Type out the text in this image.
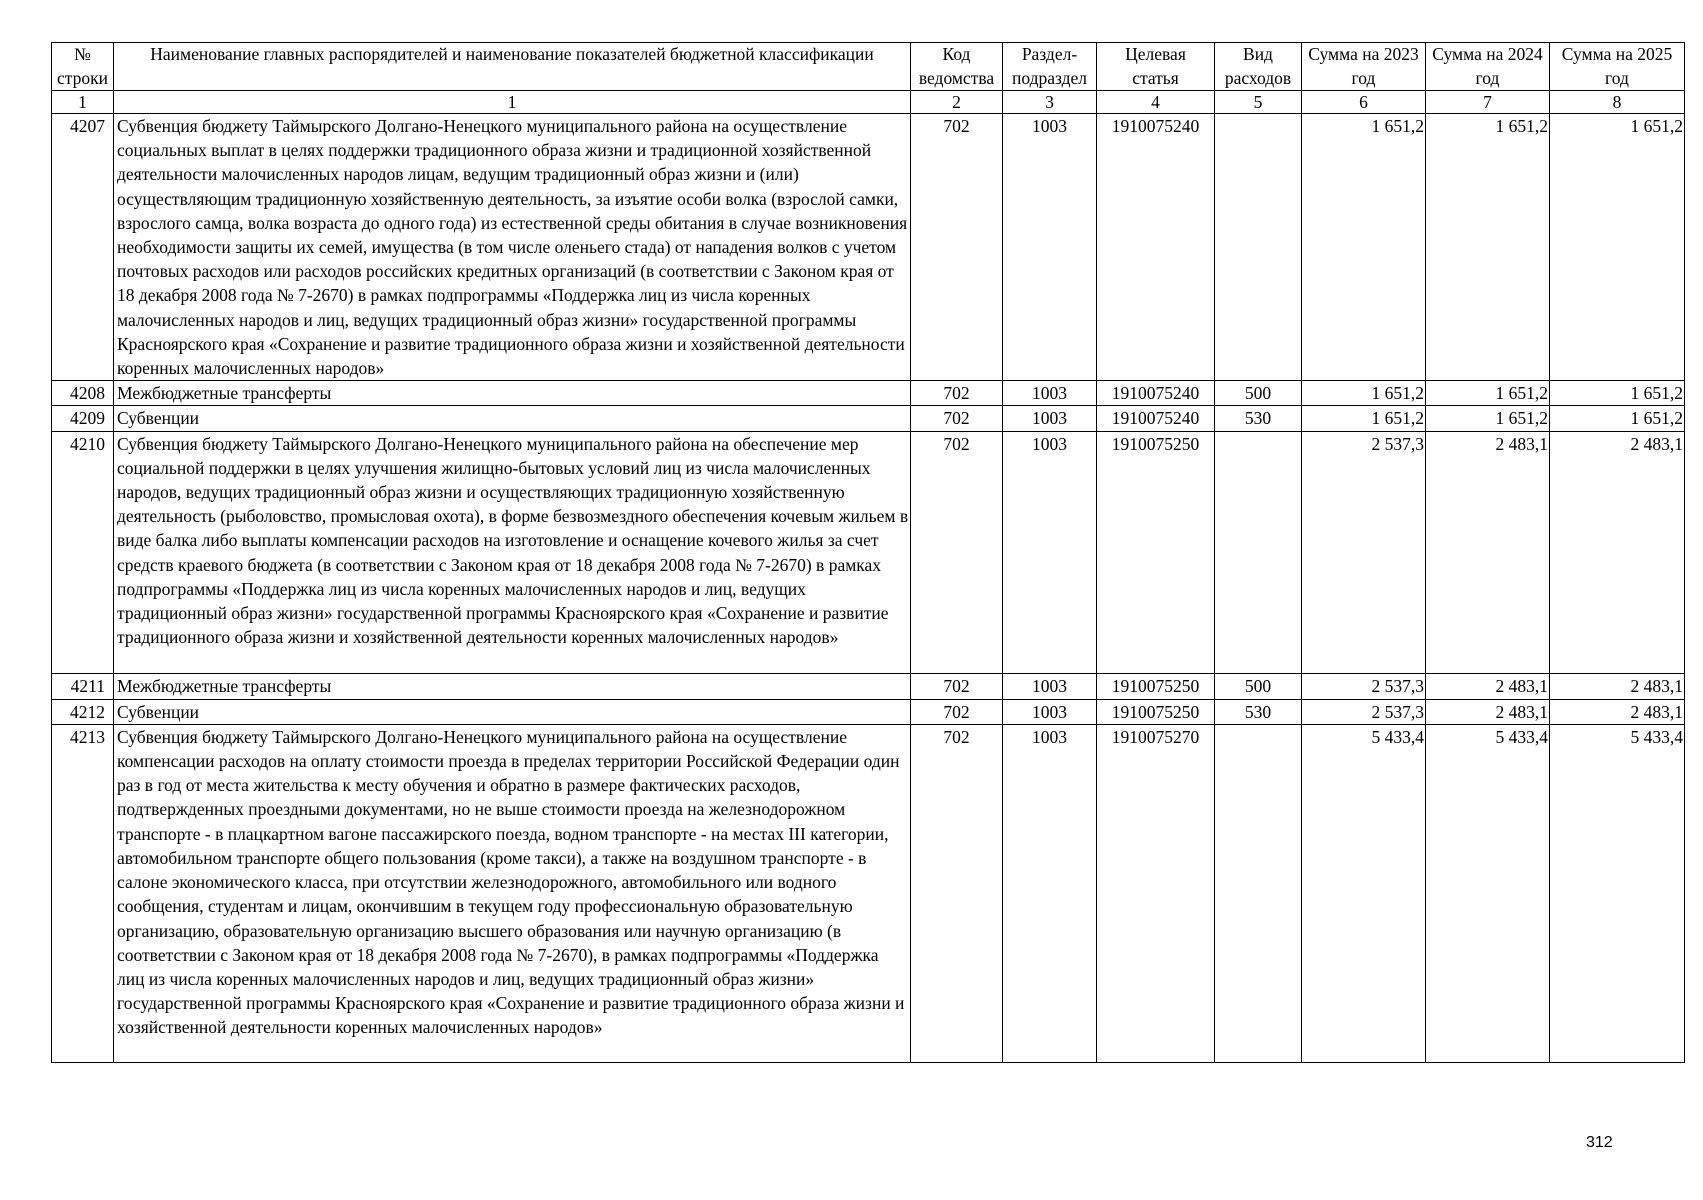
№ строки	Наименование главных распорядителей и наименование показателей бюджетной классификации	Код ведомства	Раздел-подраздел	Целевая статья	Вид расходов	Сумма на 2023 год	Сумма на 2024 год	Сумма на 2025 год
1	1	2	3	4	5	6	7	8
4207	Субвенция бюджету Таймырского Долгано-Ненецкого муниципального района на осуществление социальных выплат в целях поддержки традиционного образа жизни и традиционной хозяйственной деятельности малочисленных народов лицам, ведущим традиционный образ жизни и (или) осуществляющим традиционную хозяйственную деятельность, за изъятие особи волка (взрослой самки, взрослого самца, волка возраста до одного года) из естественной среды обитания в случае возникновения необходимости защиты их семей, имущества (в том числе оленьего стада) от нападения волков с учетом почтовых расходов или расходов российских кредитных организаций (в соответствии с Законом края от 18 декабря 2008 года № 7-2670) в рамках подпрограммы «Поддержка лиц из числа коренных малочисленных народов и лиц, ведущих традиционный образ жизни» государственной программы Красноярского края «Сохранение и развитие традиционного образа жизни и хозяйственной деятельности коренных малочисленных народов»	702	1003	1910075240		1 651,2	1 651,2	1 651,2
4208	Межбюджетные трансферты	702	1003	1910075240	500	1 651,2	1 651,2	1 651,2
4209	Субвенции	702	1003	1910075240	530	1 651,2	1 651,2	1 651,2
4210	Субвенция бюджету Таймырского Долгано-Ненецкого муниципального района на обеспечение мер социальной поддержки в целях улучшения жилищно-бытовых условий лиц из числа малочисленных народов, ведущих традиционный образ жизни и осуществляющих традиционную хозяйственную деятельность (рыболовство, промысловая охота), в форме безвозмездного обеспечения кочевым жильем в виде балка либо выплаты компенсации расходов на изготовление и оснащение кочевого жилья за счет средств краевого бюджета (в соответствии с Законом края от 18 декабря 2008 года № 7-2670) в рамках подпрограммы «Поддержка лиц из числа коренных малочисленных народов и лиц, ведущих традиционный образ жизни» государственной программы Красноярского края «Сохранение и развитие традиционного образа жизни и хозяйственной деятельности коренных малочисленных народов»	702	1003	1910075250		2 537,3	2 483,1	2 483,1
4211	Межбюджетные трансферты	702	1003	1910075250	500	2 537,3	2 483,1	2 483,1
4212	Субвенции	702	1003	1910075250	530	2 537,3	2 483,1	2 483,1
4213	Субвенция бюджету Таймырского Долгано-Ненецкого муниципального района на осуществление компенсации расходов на оплату стоимости проезда в пределах территории Российской Федерации один раз в год от места жительства к месту обучения и обратно в размере фактических расходов, подтвержденных проездными документами, но не выше стоимости проезда на железнодорожном транспорте - в плацкартном вагоне пассажирского поезда, водном транспорте - на местах III категории, автомобильном транспорте общего пользования (кроме такси), а также на воздушном транспорте - в салоне экономического класса, при отсутствии железнодорожного, автомобильного или водного сообщения, студентам и лицам, окончившим в текущем году профессиональную образовательную организацию, образовательную организацию высшего образования или научную организацию (в соответствии с Законом края от 18 декабря 2008 года № 7-2670), в рамках подпрограммы «Поддержка лиц из числа коренных малочисленных народов и лиц, ведущих традиционный образ жизни» государственной программы Красноярского края «Сохранение и развитие традиционного образа жизни и хозяйственной деятельности коренных малочисленных народов»	702	1003	1910075270		5 433,4	5 433,4	5 433,4
312
